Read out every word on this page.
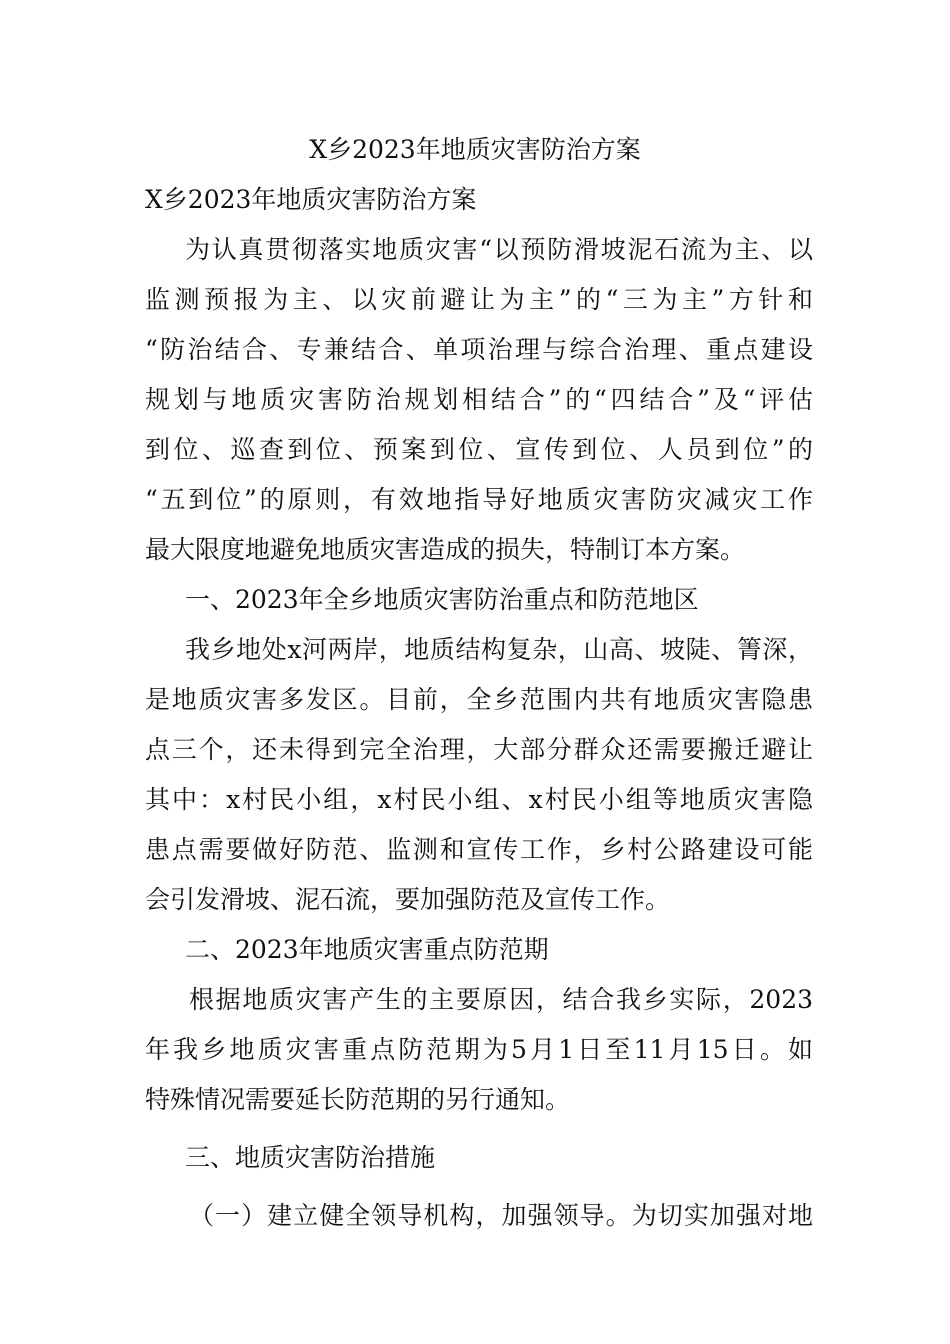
X乡2023年地质灾害防治方案
X乡2023年地质灾害防治方案
为认真贯彻落实地质灾害“以预防滑坡泥石流为主、以
监测预报为主、以灾前避让为主”的“三为主”方针和
“防治结合、专兼结合、单项治理与综合治理、重点建设
规划与地质灾害防治规划相结合”的“四结合”及“评估
到位、巡查到位、预案到位、宣传到位、人员到位”的
“五到位”的原则，有效地指导好地质灾害防灾减灾工作
最大限度地避免地质灾害造成的损失，特制订本方案。
一、2023年全乡地质灾害防治重点和防范地区
我乡地处x河两岸，地质结构复杂，山高、坡陡、箐深，
是地质灾害多发区。目前，全乡范围内共有地质灾害隐患
点三个，还未得到完全治理，大部分群众还需要搬迁避让
其中：x村民小组，x村民小组、x村民小组等地质灾害隐
患点需要做好防范、监测和宣传工作，乡村公路建设可能
会引发滑坡、泥石流，要加强防范及宣传工作。
二、2023年地质灾害重点防范期
根据地质灾害产生的主要原因，结合我乡实际，2023
年我乡地质灾害重点防范期为5月1日至11月15日。如
特殊情况需要延长防范期的另行通知。
三、地质灾害防治措施
（一）建立健全领导机构，加强领导。为切实加强对地
